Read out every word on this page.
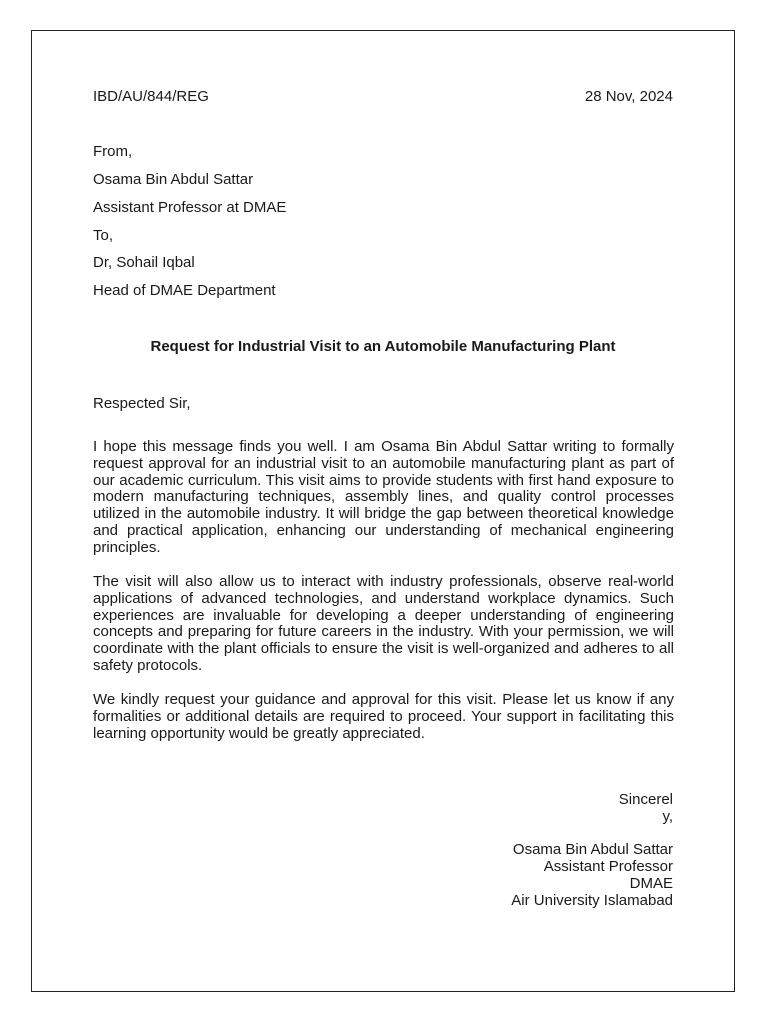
IBD/AU/844/REG	28 Nov, 2024
From,
Osama Bin Abdul Sattar
Assistant Professor at DMAE
To,
Dr, Sohail Iqbal
Head of DMAE Department
Request for Industrial Visit to an Automobile Manufacturing Plant
Respected Sir,
I hope this message finds you well. I am Osama Bin Abdul Sattar writing to formally request approval for an industrial visit to an automobile manufacturing plant as part of our academic curriculum. This visit aims to provide students with first hand exposure to modern manufacturing techniques, assembly lines, and quality control processes utilized in the automobile industry. It will bridge the gap between theoretical knowledge and practical application, enhancing our understanding of mechanical engineering principles.
The visit will also allow us to interact with industry professionals, observe real-world applications of advanced technologies, and understand workplace dynamics. Such experiences are invaluable for developing a deeper understanding of engineering concepts and preparing for future careers in the industry. With your permission, we will coordinate with the plant officials to ensure the visit is well-organized and adheres to all safety protocols.
We kindly request your guidance and approval for this visit. Please let us know if any formalities or additional details are required to proceed. Your support in facilitating this learning opportunity would be greatly appreciated.
Sincerely,
Osama Bin Abdul Sattar
Assistant Professor
DMAE
Air University Islamabad
